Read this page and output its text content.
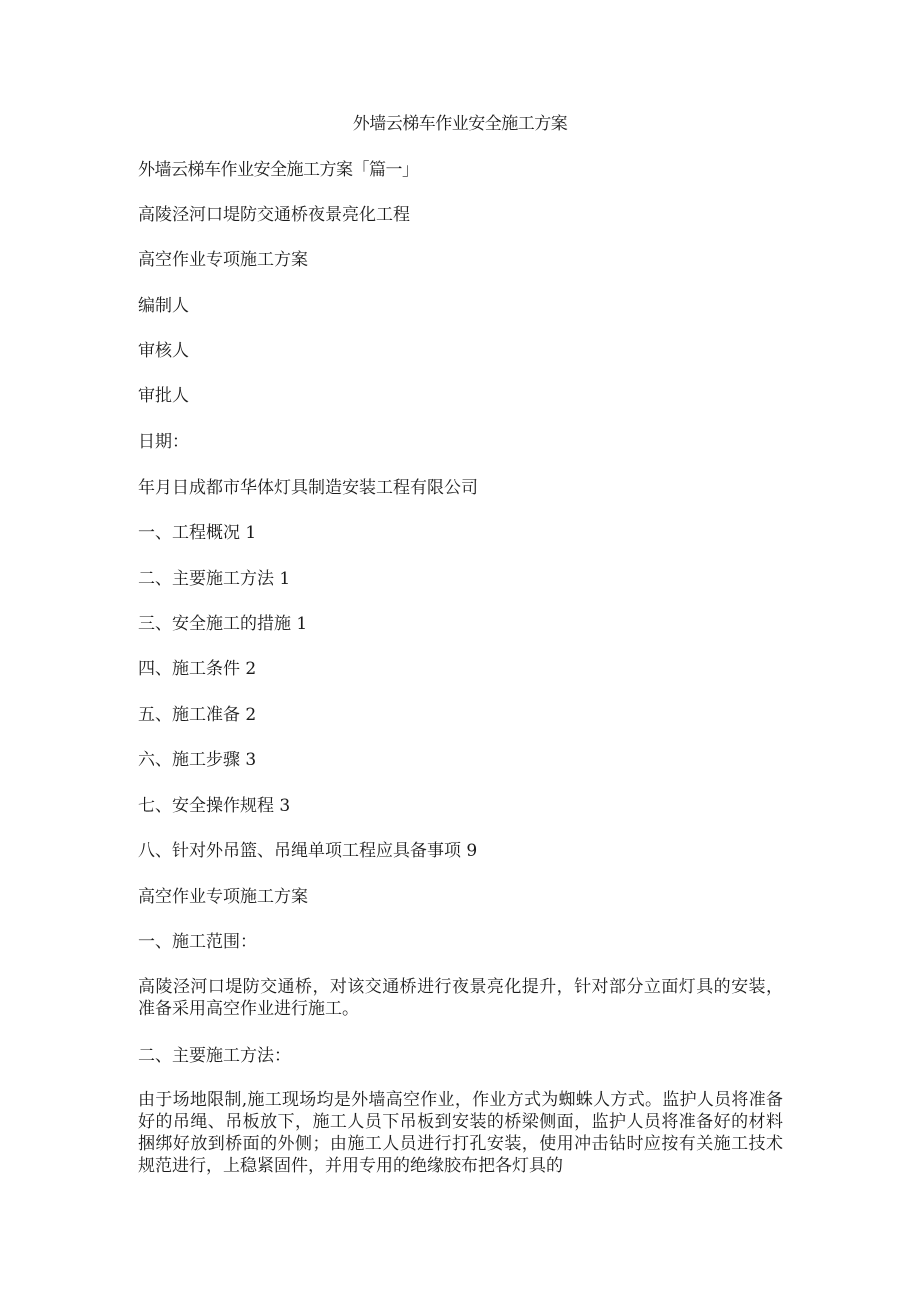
外墙云梯车作业安全施工方案
外墙云梯车作业安全施工方案「篇一」

高陵泾河口堤防交通桥夜景亮化工程

高空作业专项施工方案

编制人

审核人

审批人

日期：

年月日成都市华体灯具制造安装工程有限公司

一、工程概况 1

二、主要施工方法 1

三、安全施工的措施 1

四、施工条件 2

五、施工准备 2

六、施工步骤 3

七、安全操作规程 3

八、针对外吊篮、吊绳单项工程应具备事项 9

高空作业专项施工方案

一、施工范围：

高陵泾河口堤防交通桥，对该交通桥进行夜景亮化提升，针对部分立面灯具的安装，准备采用高空作业进行施工。

二、主要施工方法：

由于场地限制,施工现场均是外墙高空作业，作业方式为蜘蛛人方式。监护人员将准备好的吊绳、吊板放下，施工人员下吊板到安装的桥梁侧面，监护人员将准备好的材料捆绑好放到桥面的外侧；由施工人员进行打孔安装，使用冲击钻时应按有关施工技术规范进行，上稳紧固件，并用专用的绝缘胶布把各灯具的
